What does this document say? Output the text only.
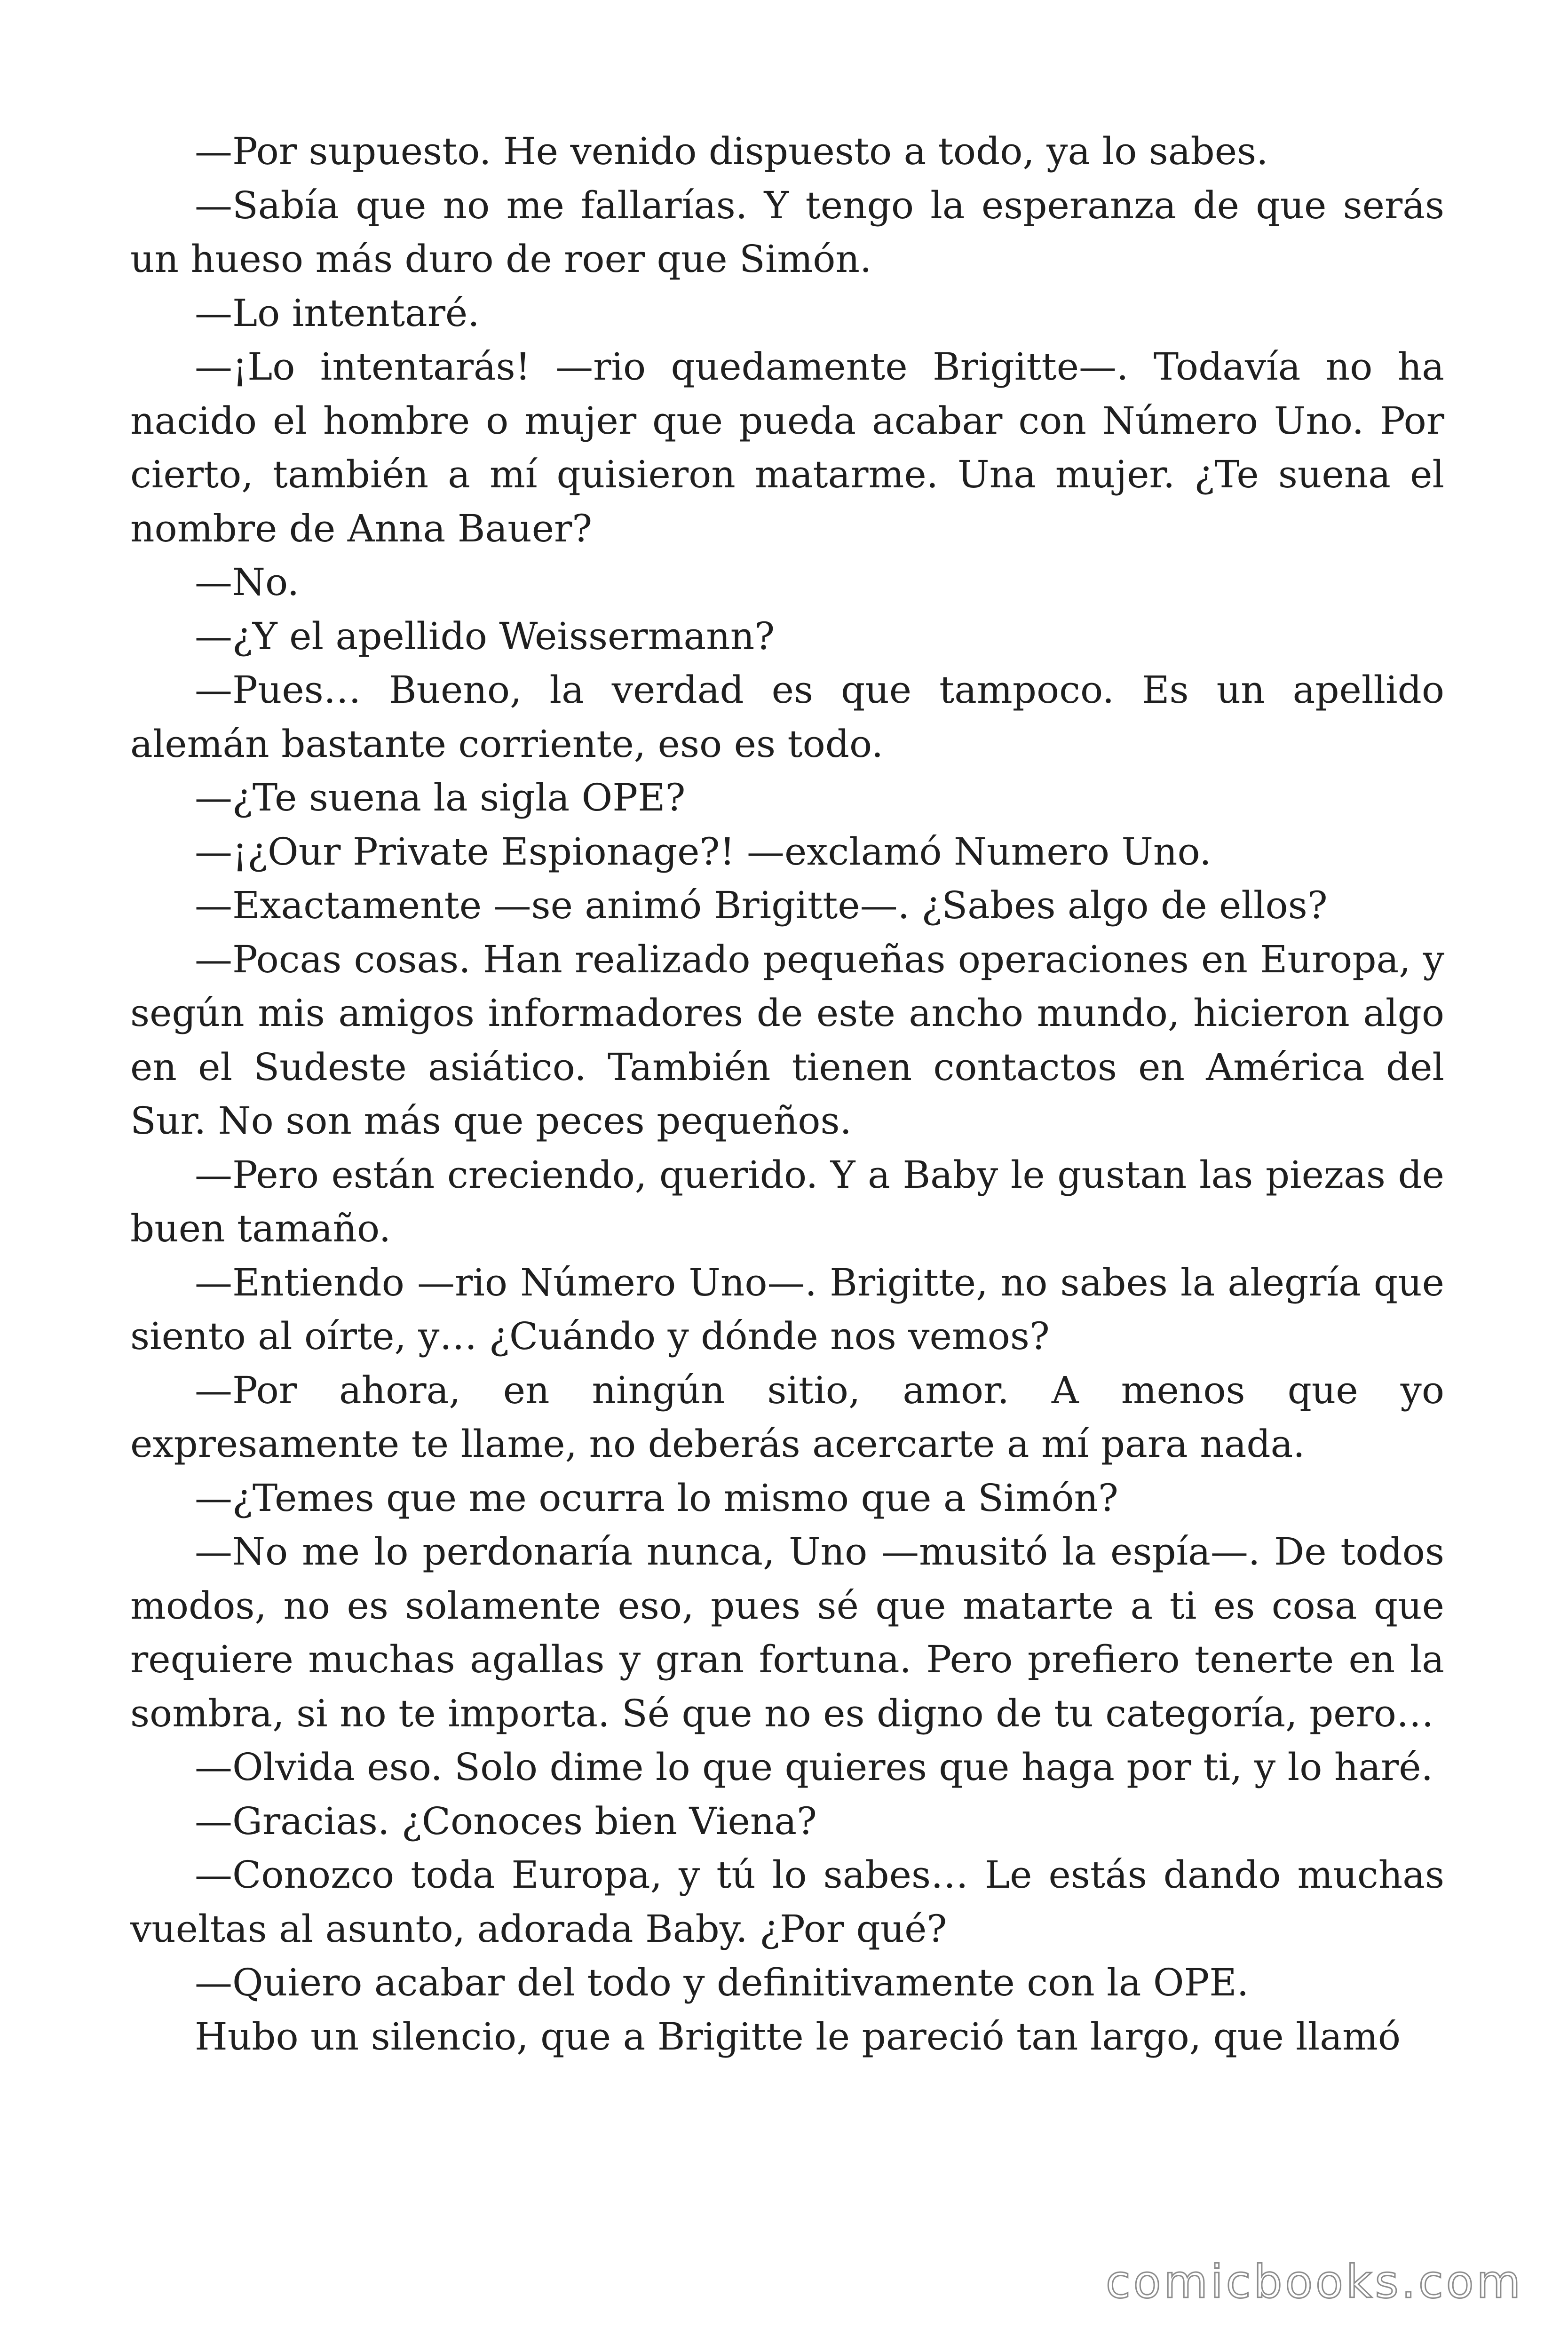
—Por supuesto. He venido dispuesto a todo, ya lo sabes.

—Sabía que no me fallarías. Y tengo la esperanza de que serás un hueso más duro de roer que Simón.

—Lo intentaré.

—¡Lo intentarás! —rio quedamente Brigitte—. Todavía no ha nacido el hombre o mujer que pueda acabar con Número Uno. Por cierto, también a mí quisieron matarme. Una mujer. ¿Te suena el nombre de Anna Bauer?

—No.

—¿Y el apellido Weissermann?

—Pues… Bueno, la verdad es que tampoco. Es un apellido alemán bastante corriente, eso es todo.

—¿Te suena la sigla OPE?

—¡¿Our Private Espionage?! —exclamó Numero Uno.

—Exactamente —se animó Brigitte—. ¿Sabes algo de ellos?

—Pocas cosas. Han realizado pequeñas operaciones en Europa, y según mis amigos informadores de este ancho mundo, hicieron algo en el Sudeste asiático. También tienen contactos en América del Sur. No son más que peces pequeños.

—Pero están creciendo, querido. Y a Baby le gustan las piezas de buen tamaño.

—Entiendo —rio Número Uno—. Brigitte, no sabes la alegría que siento al oírte, y… ¿Cuándo y dónde nos vemos?

—Por ahora, en ningún sitio, amor. A menos que yo expresamente te llame, no deberás acercarte a mí para nada.

—¿Temes que me ocurra lo mismo que a Simón?

—No me lo perdonaría nunca, Uno —musitó la espía—. De todos modos, no es solamente eso, pues sé que matarte a ti es cosa que requiere muchas agallas y gran fortuna. Pero prefiero tenerte en la sombra, si no te importa. Sé que no es digno de tu categoría, pero…

—Olvida eso. Solo dime lo que quieres que haga por ti, y lo haré.

—Gracias. ¿Conoces bien Viena?

—Conozco toda Europa, y tú lo sabes… Le estás dando muchas vueltas al asunto, adorada Baby. ¿Por qué?

—Quiero acabar del todo y definitivamente con la OPE.

Hubo un silencio, que a Brigitte le pareció tan largo, que llamó

comicbooks.com
